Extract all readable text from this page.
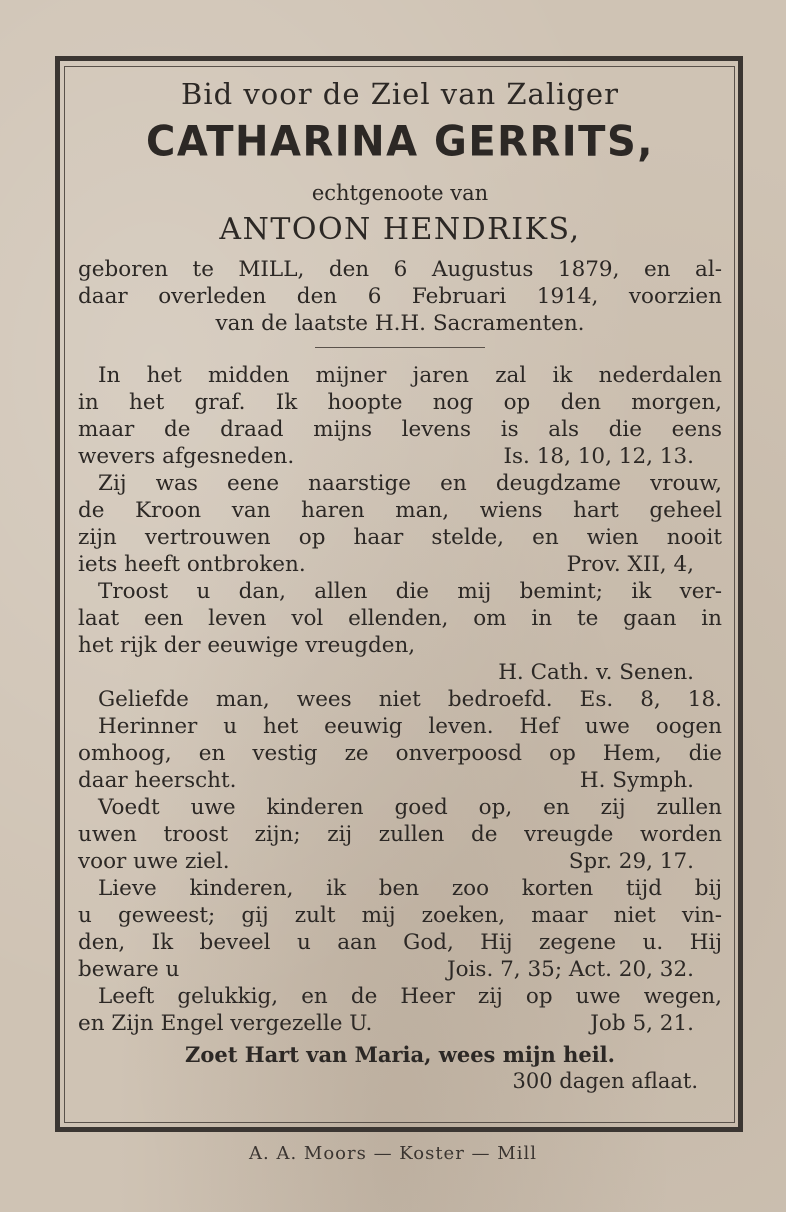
Bid voor de Ziel van Zaliger
CATHARINA GERRITS,
echtgenoote van
ANTOON HENDRIKS,
geboren te MILL, den 6 Augustus 1879, en al-
daar overleden den 6 Februari 1914, voorzien
van de laatste H.H. Sacramenten.
In het midden mijner jaren zal ik nederdalen
in het graf. Ik hoopte nog op den morgen,
maar de draad mijns levens is als die eens
wevers afgesneden.	Is. 18, 10, 12, 13.
Zij was eene naarstige en deugdzame vrouw,
de Kroon van haren man, wiens hart geheel
zijn vertrouwen op haar stelde, en wien nooit
iets heeft ontbroken.	Prov. XII, 4,
Troost u dan, allen die mij bemint; ik ver-
laat een leven vol ellenden, om in te gaan in
het rijk der eeuwige vreugden,
H. Cath. v. Senen.
Geliefde man, wees niet bedroefd. Es. 8, 18.
Herinner u het eeuwig leven. Hef uwe oogen
omhoog, en vestig ze onverpoosd op Hem, die
daar heerscht.	H. Symph.
Voedt uwe kinderen goed op, en zij zullen
uwen troost zijn; zij zullen de vreugde worden
voor uwe ziel.	Spr. 29, 17.
Lieve kinderen, ik ben zoo korten tijd bij
u geweest; gij zult mij zoeken, maar niet vin-
den, Ik beveel u aan God, Hij zegene u. Hij
beware u	Jois. 7, 35; Act. 20, 32.
Leeft gelukkig, en de Heer zij op uwe wegen,
en Zijn Engel vergezelle U.	Job 5, 21.
Zoet Hart van Maria, wees mijn heil.
300 dagen aflaat.
A. A. Moors — Koster — Mill
